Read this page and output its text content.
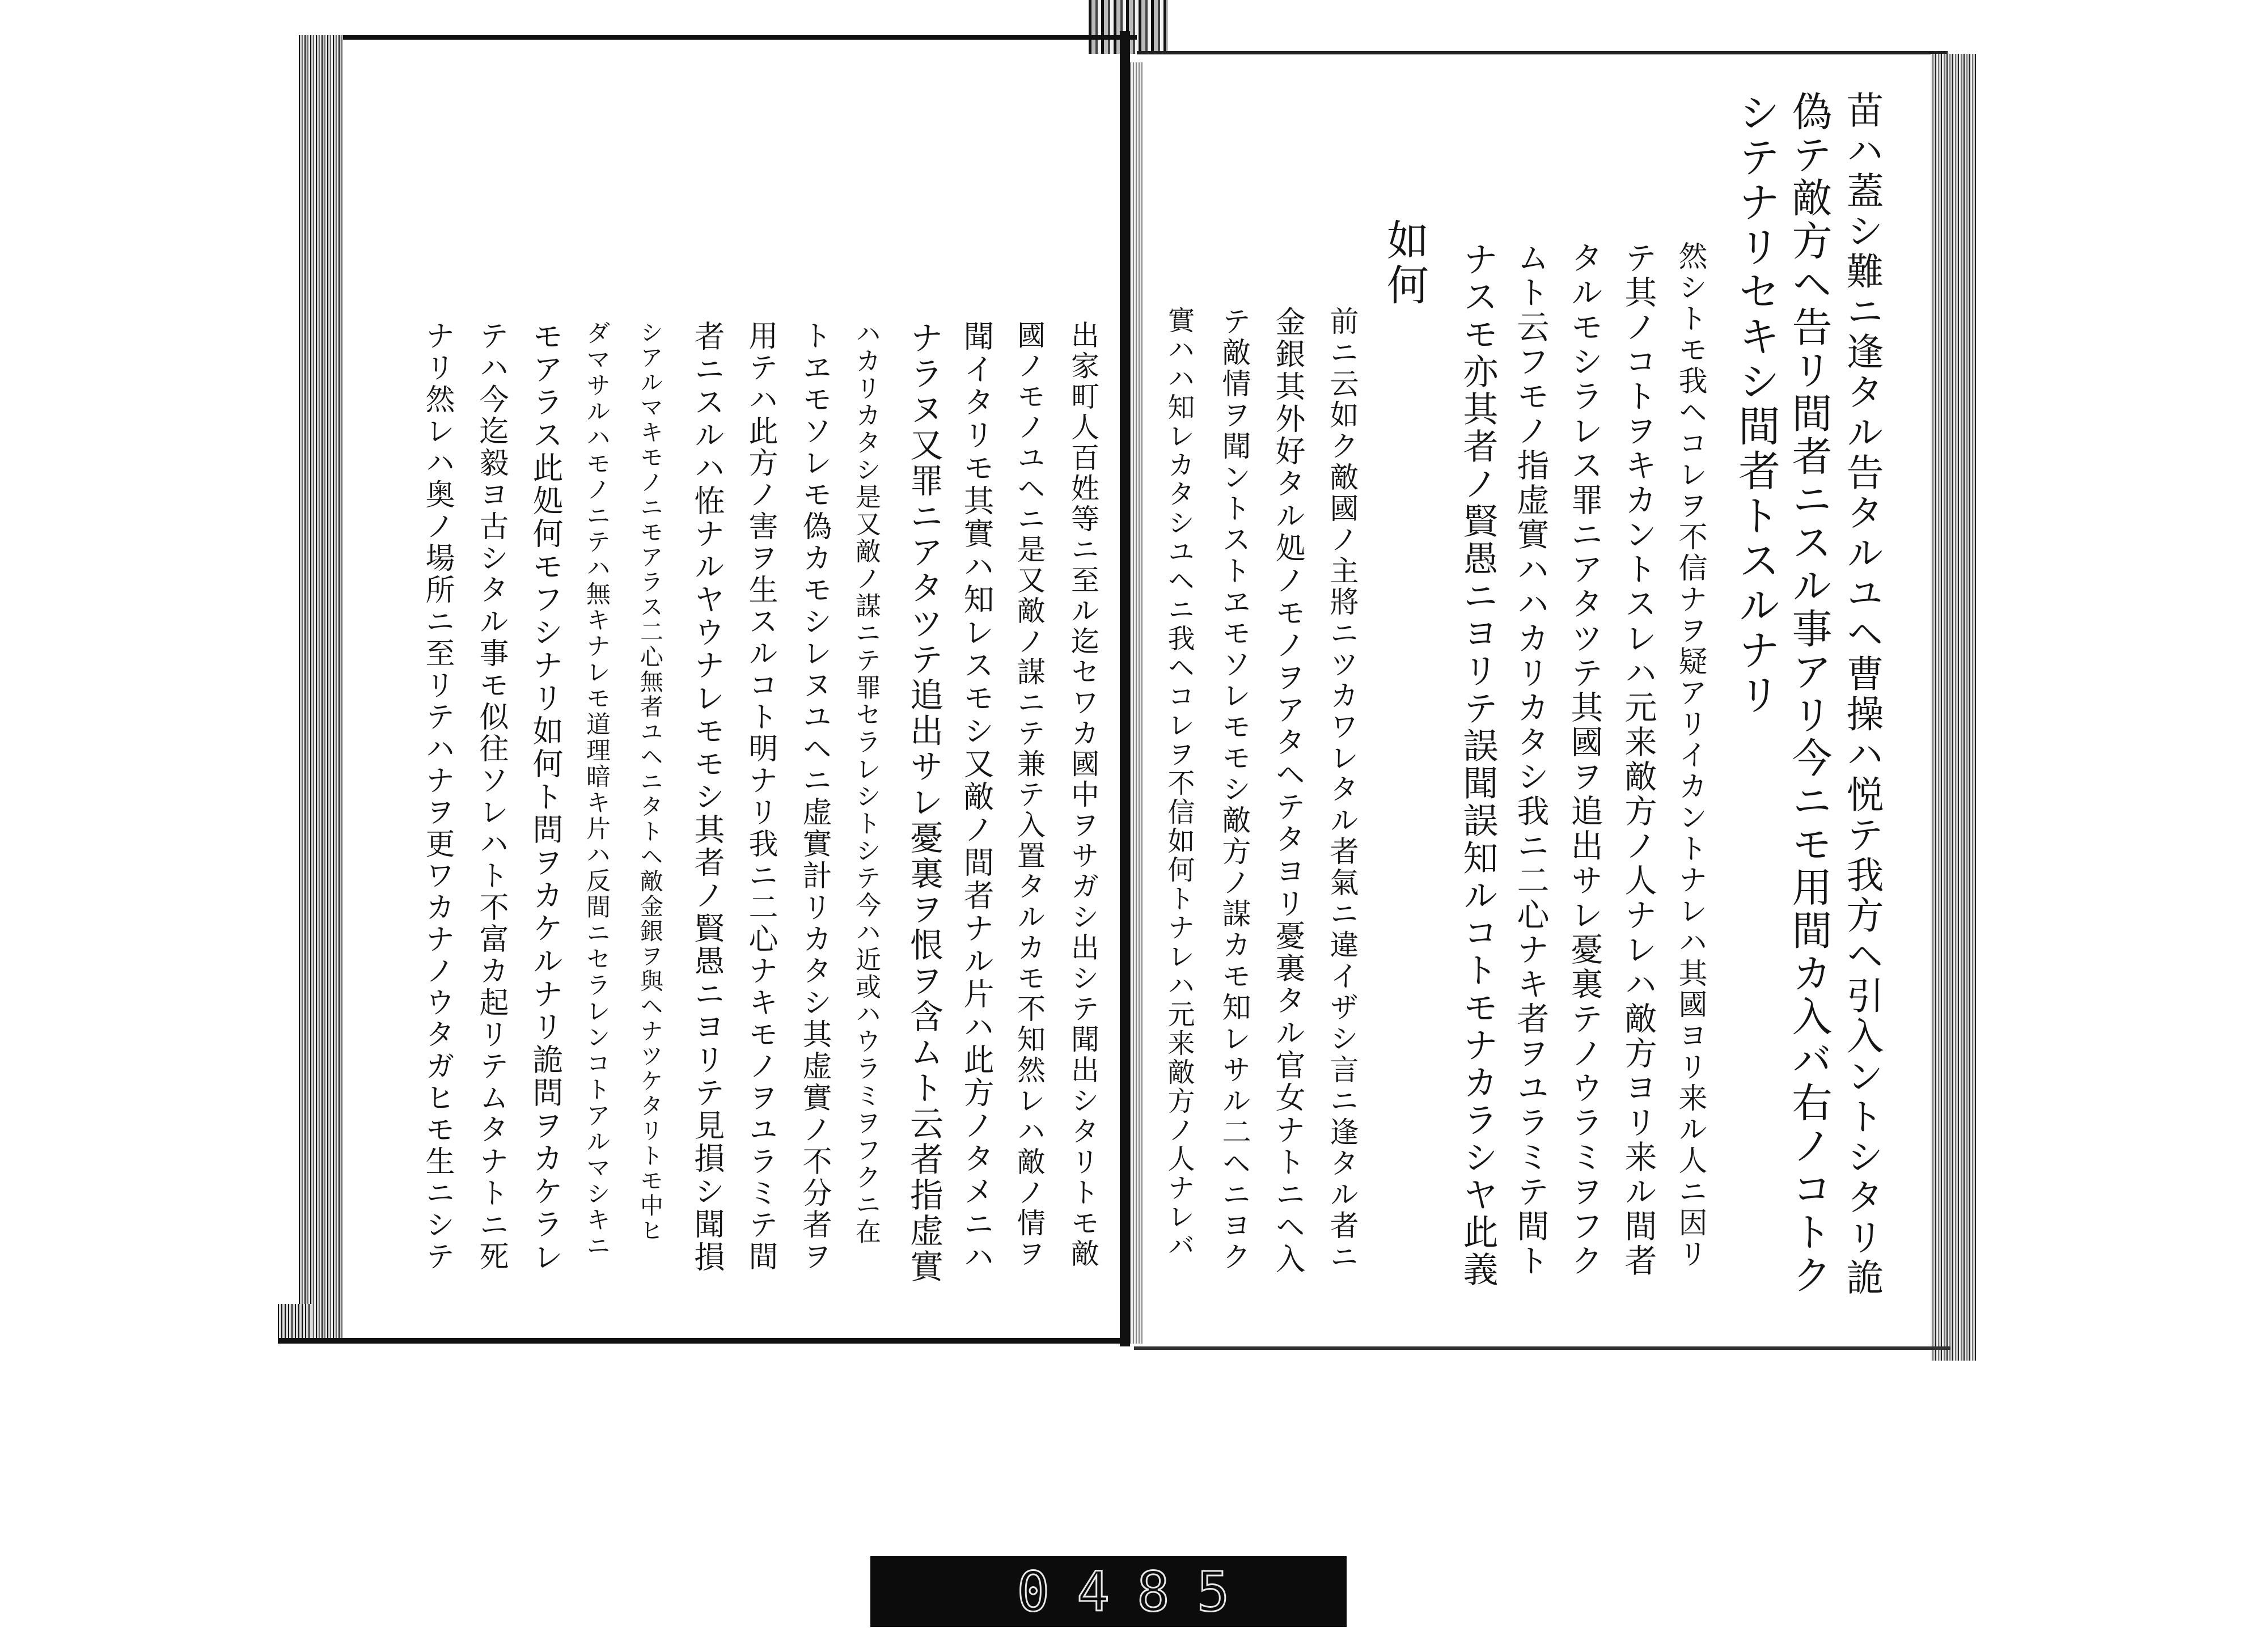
苗ハ蓋シ難ニ逢タル告タルユヘ曹操ハ悦テ我方ヘ引入ントシタリ詭
偽テ敵方ヘ告リ間者ニスル事アリ今ニモ用間カ入バ右ノコトク
シテナリセキシ間者トスルナリ
然シトモ我ヘコレヲ不信ナヲ疑アリイカントナレハ其國ヨリ来ル人ニ因リ
テ其ノコトヲキカントスレハ元来敵方ノ人ナレハ敵方ヨリ来ル間者
タルモシラレス罪ニアタツテ其國ヲ追出サレ憂裏テノウラミヲフク
ムト云フモノ指虚實ハハカリカタシ我ニ二心ナキ者ヲユラミテ間ト
ナスモ亦其者ノ賢愚ニヨリテ誤聞誤知ルコトモナカラシヤ此義
如何
前ニ云如ク敵國ノ主將ニツカワレタル者氣ニ違イザシ言ニ逢タル者ニ
金銀其外好タル処ノモノヲアタヘテタヨリ憂裏タル官女ナトニヘ入
テ敵情ヲ聞ントストヱモソレモモシ敵方ノ謀カモ知レサル二ヘニヨク
實ハハ知レカタシユヘニ我ヘコレヲ不信如何トナレハ元来敵方ノ人ナレバ
出家町人百姓等ニ至ル迄セワカ國中ヲサガシ出シテ聞出シタリトモ敵
國ノモノユヘニ是又敵ノ謀ニテ兼テ入置タルカモ不知然レハ敵ノ情ヲ
聞イタリモ其實ハ知レスモシ又敵ノ間者ナル片ハ此方ノタメニハ
ナラヌ又罪ニアタツテ追出サレ憂裏ヲ恨ヲ含ムト云者指虚實
ハカリカタシ是又敵ノ謀ニテ罪セラレシトシテ今ハ近或ハウラミヲフクニ在
トヱモソレモ偽カモシレヌユヘニ虚實計リカタシ其虚實ノ不分者ヲ
用テハ此方ノ害ヲ生スルコト明ナリ我ニ二心ナキモノヲユラミテ間
者ニスルハ恠ナルヤウナレモモシ其者ノ賢愚ニヨリテ見損シ聞損
シアルマキモノニモアラス二心無者ユヘニタトヘ敵金銀ヲ與ヘナツケタリトモ中ヒ
ダマサルハモノニテハ無キナレモ道理暗キ片ハ反間ニセラレンコトアルマシキニ
モアラス此処何モフシナリ如何ト問ヲカケルナリ詭問ヲカケラレ
テハ今迄毅ヨ古シタル事モ似往ソレハト不富カ起リテムタナトニ死
ナリ然レハ奥ノ場所ニ至リテハナヲ更ワカナノウタガヒモ生ニシテ
0485
